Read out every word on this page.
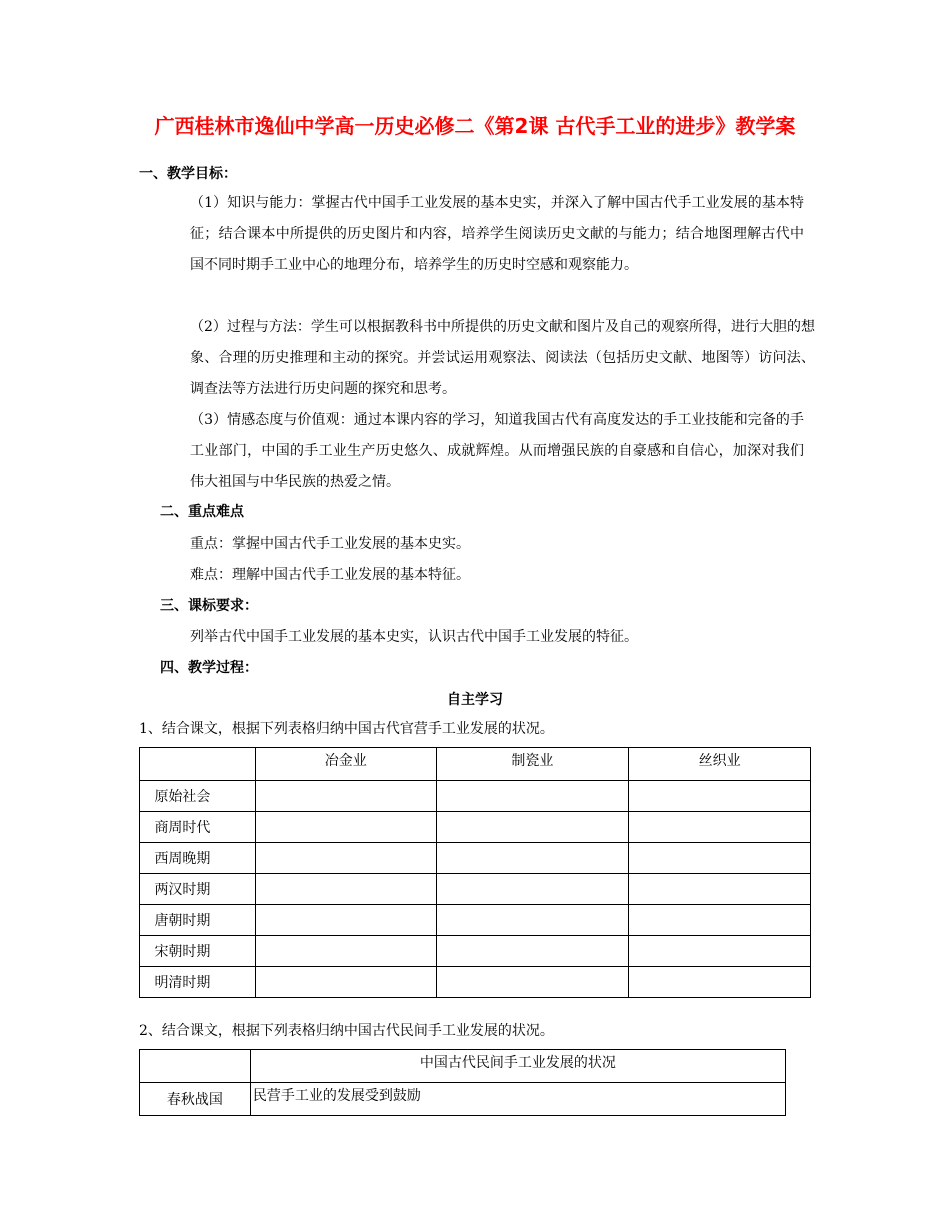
广西桂林市逸仙中学高一历史必修二《第2课 古代手工业的进步》教学案
一、教学目标：
（1）知识与能力：掌握古代中国手工业发展的基本史实，并深入了解中国古代手工业发展的基本特征；结合课本中所提供的历史图片和内容，培养学生阅读历史文献的与能力；结合地图理解古代中国不同时期手工业中心的地理分布，培养学生的历史时空感和观察能力。
（2）过程与方法：学生可以根据教科书中所提供的历史文献和图片及自己的观察所得，进行大胆的想象、合理的历史推理和主动的探究。并尝试运用观察法、阅读法（包括历史文献、地图等）访问法、调查法等方法进行历史问题的探究和思考。
（3）情感态度与价值观：通过本课内容的学习，知道我国古代有高度发达的手工业技能和完备的手工业部门，中国的手工业生产历史悠久、成就辉煌。从而增强民族的自豪感和自信心，加深对我们伟大祖国与中华民族的热爱之情。
二、重点难点
重点：掌握中国古代手工业发展的基本史实。
难点：理解中国古代手工业发展的基本特征。
三、课标要求：
列举古代中国手工业发展的基本史实，认识古代中国手工业发展的特征。
四、教学过程：
自主学习
1、结合课文，根据下列表格归纳中国古代官营手工业发展的状况。
	冶金业	制瓷业	丝织业
原始社会			
商周时代			
西周晚期			
两汉时期			
唐朝时期			
宋朝时期			
明清时期			
2、结合课文，根据下列表格归纳中国古代民间手工业发展的状况。
	中国古代民间手工业发展的状况
春秋战国	民营手工业的发展受到鼓励
